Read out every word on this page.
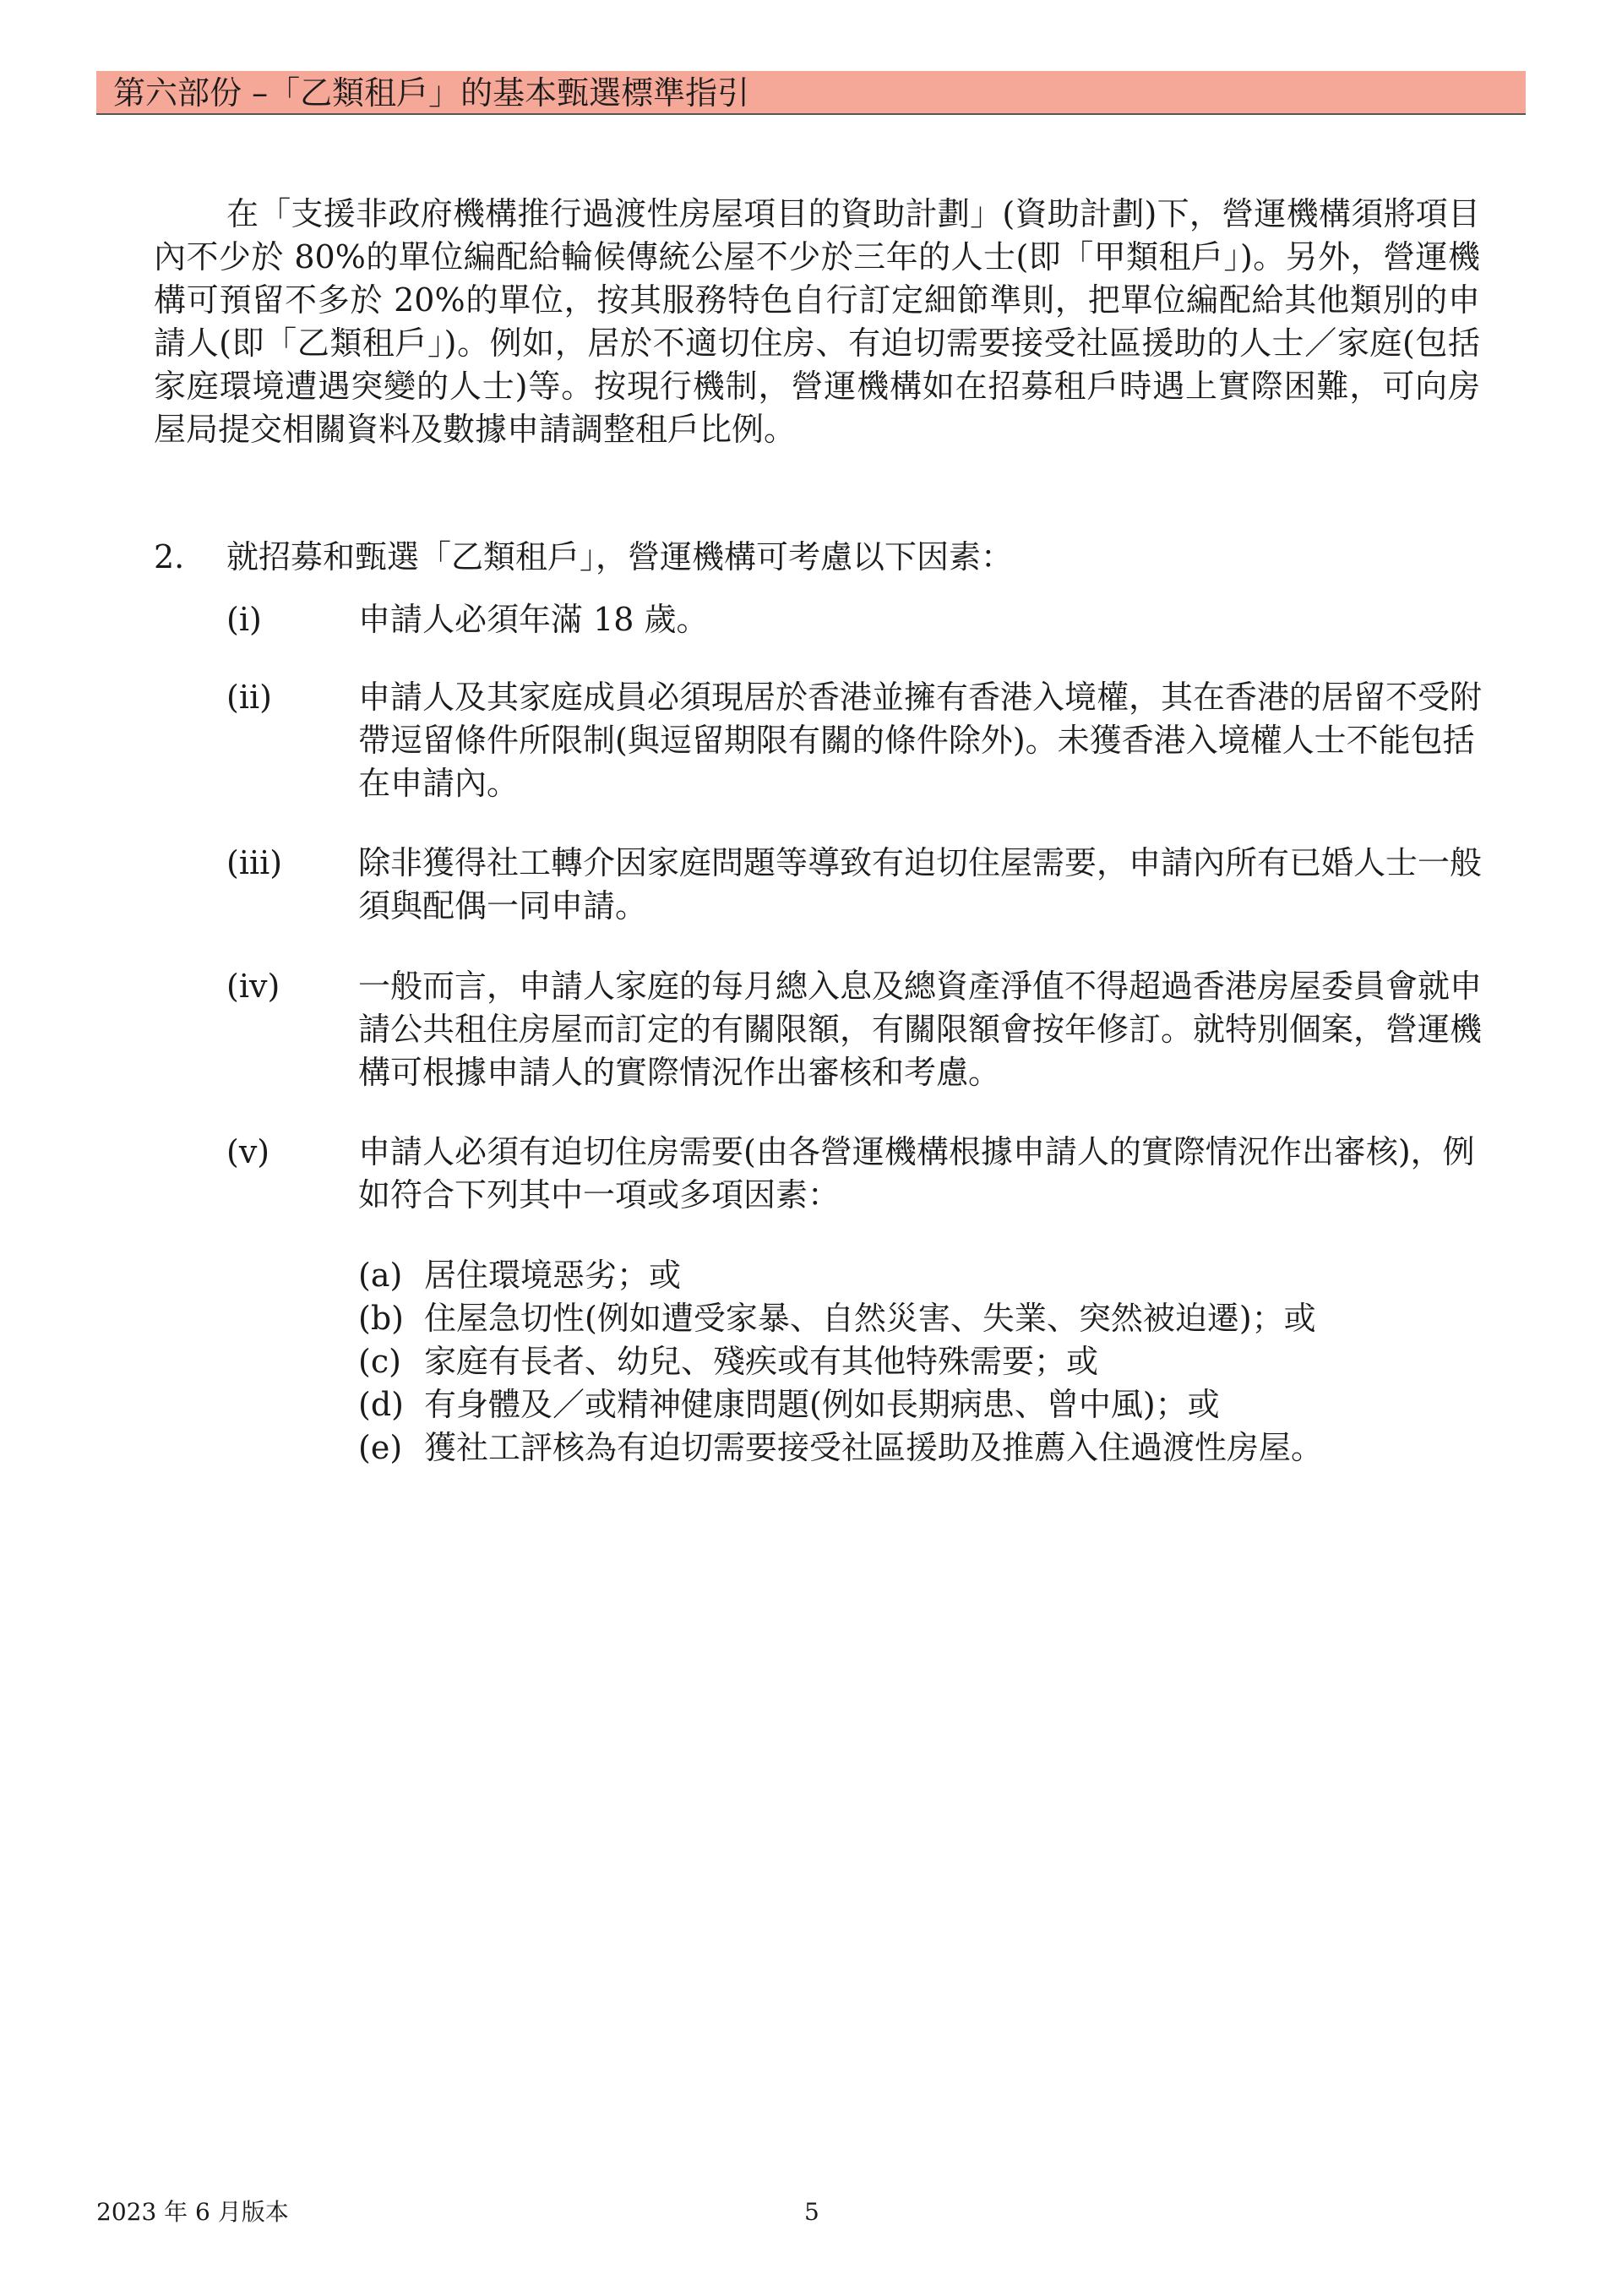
第六部份 –「乙類租戶」的基本甄選標準指引

在「支援非政府機構推行過渡性房屋項目的資助計劃」(資助計劃)下，營運機構須將項目內不少於 80%的單位編配給輪候傳統公屋不少於三年的人士(即「甲類租戶」)。另外，營運機構可預留不多於 20%的單位，按其服務特色自行訂定細節準則，把單位編配給其他類別的申請人(即「乙類租戶」)。例如，居於不適切住房、有迫切需要接受社區援助的人士／家庭(包括家庭環境遭遇突變的人士)等。按現行機制，營運機構如在招募租戶時遇上實際困難，可向房屋局提交相關資料及數據申請調整租戶比例。

2. 就招募和甄選「乙類租戶」，營運機構可考慮以下因素：
(i)	申請人必須年滿 18 歲。

(ii)	申請人及其家庭成員必須現居於香港並擁有香港入境權，其在香港的居留不受附帶逗留條件所限制(與逗留期限有關的條件除外)。未獲香港入境權人士不能包括在申請內。

(iii) 除非獲得社工轉介因家庭問題等導致有迫切住屋需要，申請內所有已婚人士一般須與配偶一同申請。

(iv) 一般而言，申請人家庭的每月總入息及總資產淨值不得超過香港房屋委員會就申請公共租住房屋而訂定的有關限額，有關限額會按年修訂。就特別個案，營運機構可根據申請人的實際情況作出審核和考慮。

(v)	申請人必須有迫切住房需要(由各營運機構根據申請人的實際情況作出審核)，例如符合下列其中一項或多項因素：

(a) 居住環境惡劣；或
(b) 住屋急切性(例如遭受家暴、自然災害、失業、突然被迫遷)；或
(c) 家庭有長者、幼兒、殘疾或有其他特殊需要；或
(d) 有身體及／或精神健康問題(例如長期病患、曾中風)；或
(e) 獲社工評核為有迫切需要接受社區援助及推薦入住過渡性房屋。
2023 年 6 月版本	5
